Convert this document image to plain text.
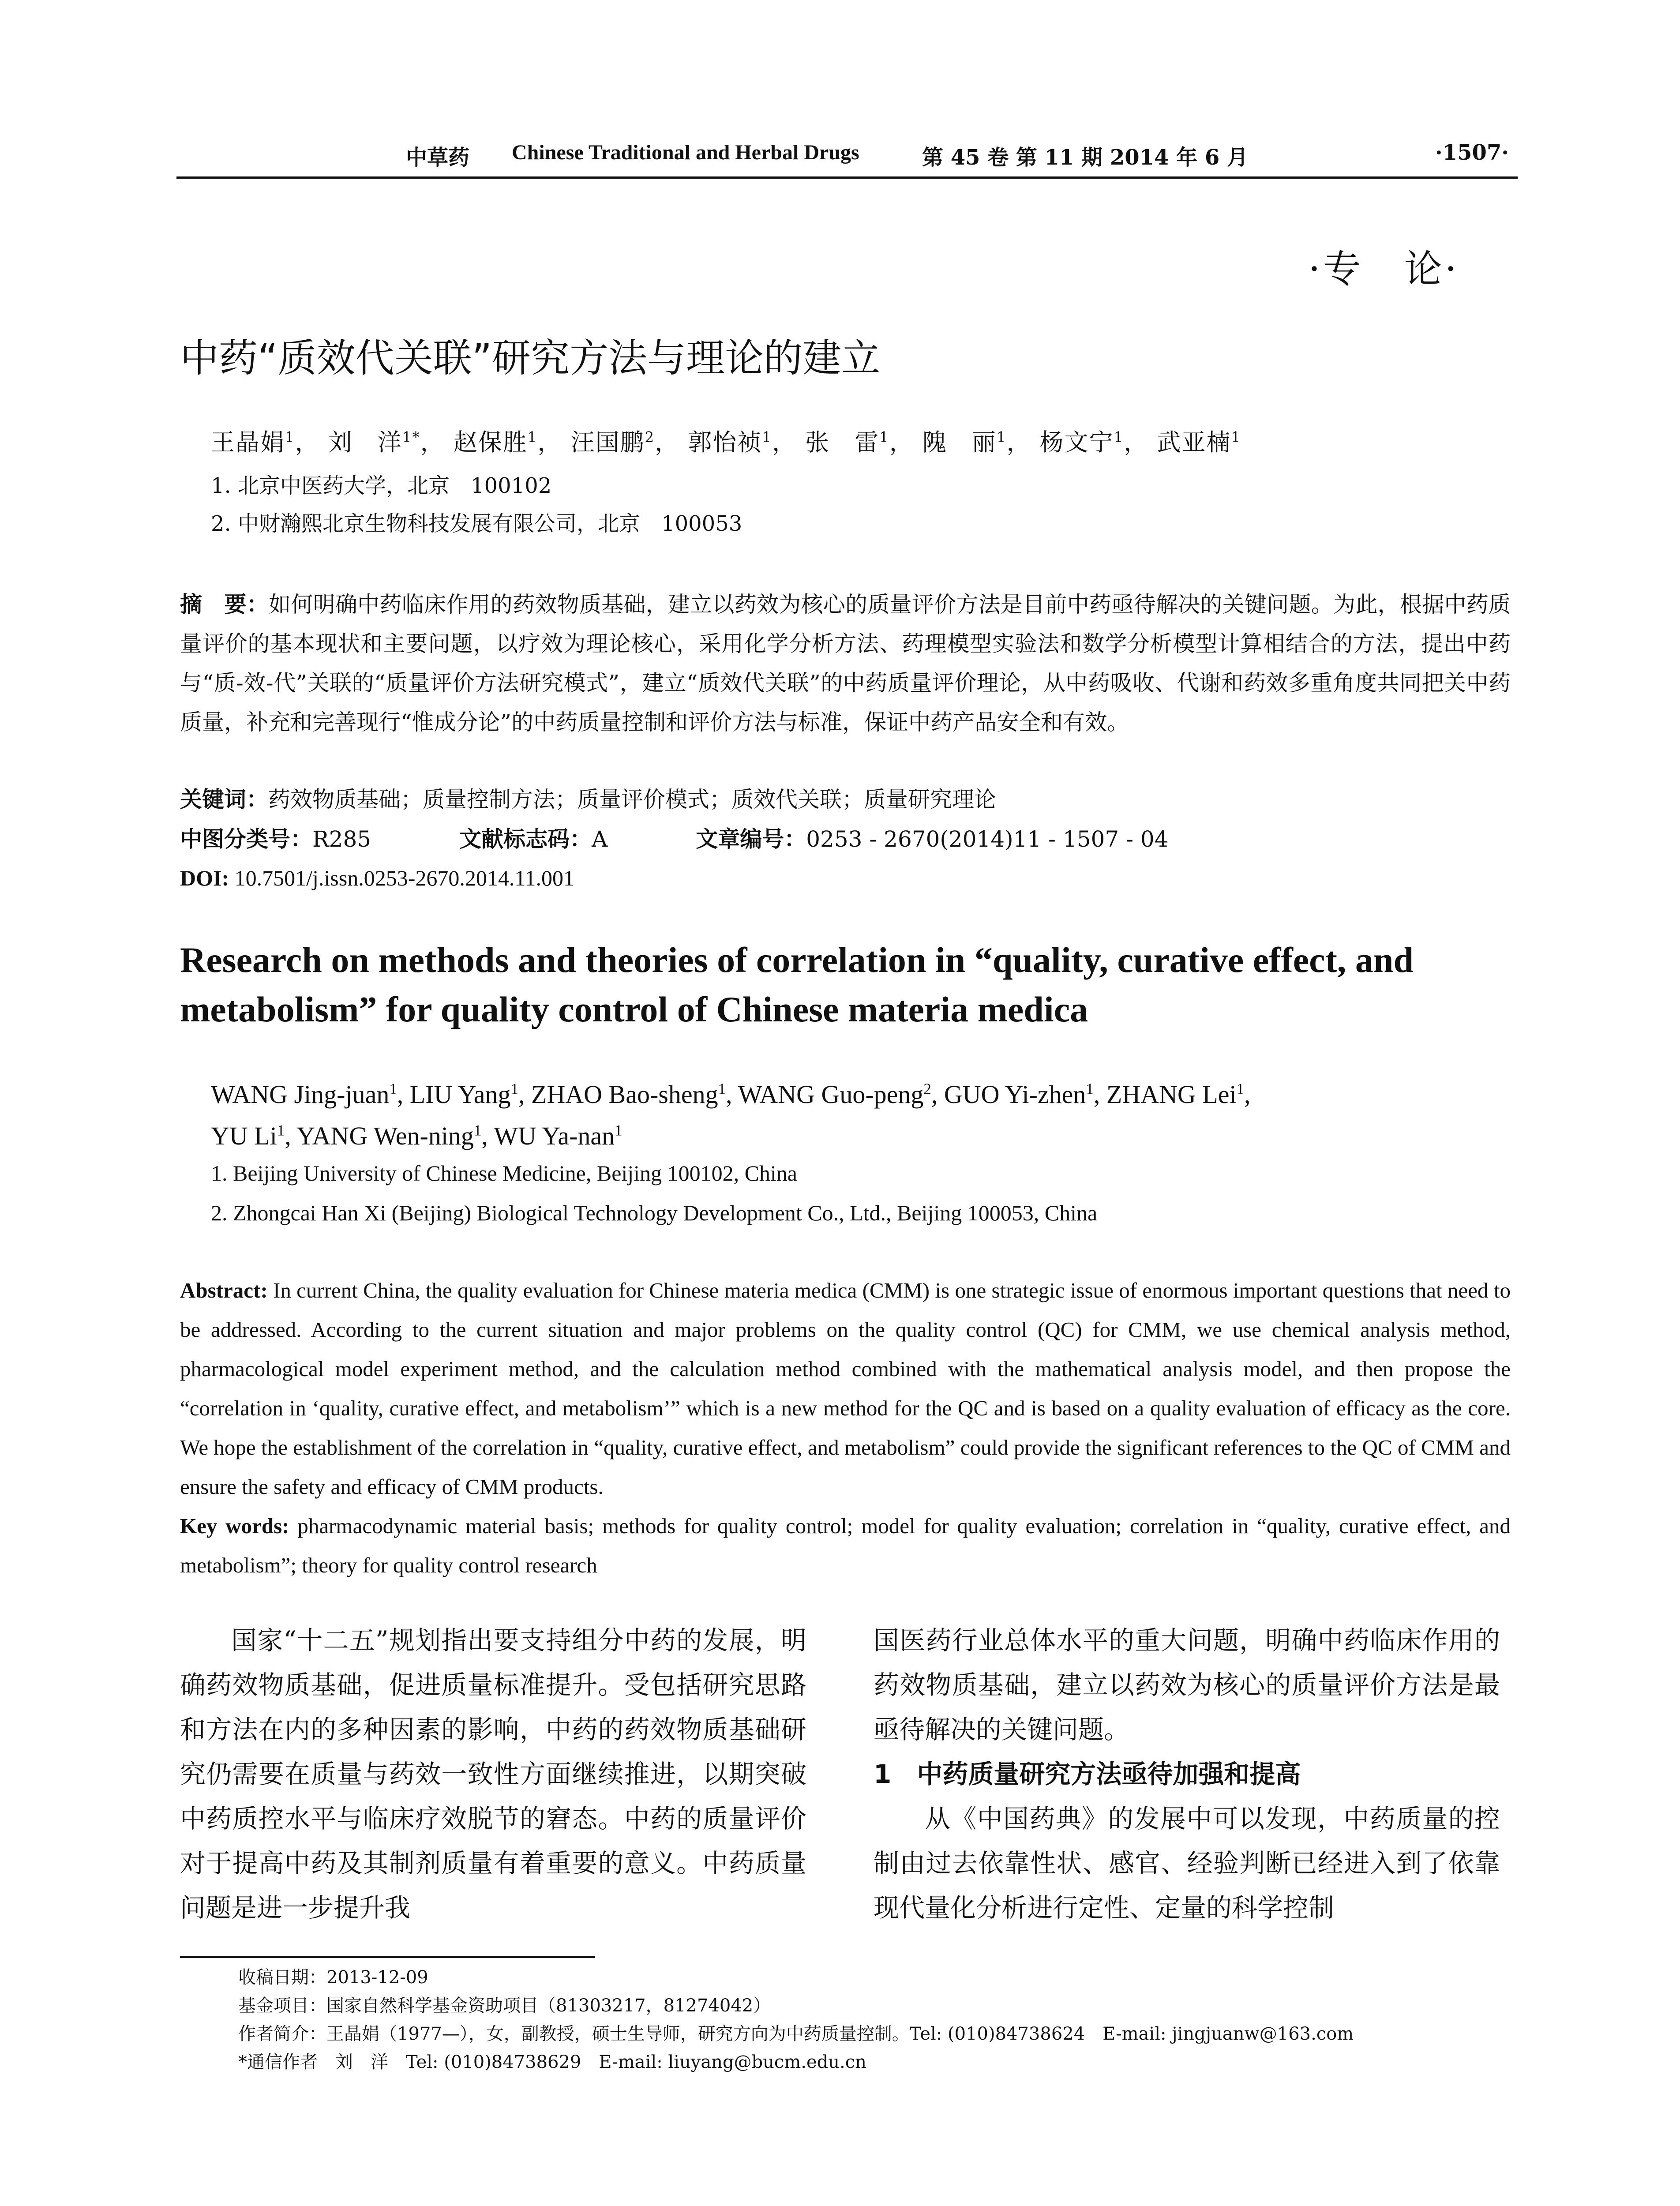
中草药 Chinese Traditional and Herbal Drugs	第 45 卷 第 11 期 2014 年 6 月	·1507·
·专　论·
中药“质效代关联”研究方法与理论的建立
王晶娟$^1$， 刘　洋$^{1*}$， 赵保胜$^1$， 汪国鹏$^2$， 郭怡祯$^1$， 张　雷$^1$， 隗　丽$^1$， 杨文宁$^1$， 武亚楠$^1$
1. 北京中医药大学，北京　100102
2. 中财瀚熙北京生物科技发展有限公司，北京　100053
摘　要：如何明确中药临床作用的药效物质基础，建立以药效为核心的质量评价方法是目前中药亟待解决的关键问题。为此，根据中药质量评价的基本现状和主要问题，以疗效为理论核心，采用化学分析方法、药理模型实验法和数学分析模型计算相结合的方法，提出中药与“质-效-代”关联的“质量评价方法研究模式”，建立“质效代关联”的中药质量评价理论，从中药吸收、代谢和药效多重角度共同把关中药质量，补充和完善现行“惟成分论”的中药质量控制和评价方法与标准，保证中药产品安全和有效。
关键词：药效物质基础；质量控制方法；质量评价模式；质效代关联；质量研究理论
中图分类号：R285	文献标志码：A	文章编号：0253 - 2670(2014)11 - 1507 - 04
DOI: 10.7501/j.issn.0253-2670.2014.11.001
Research on methods and theories of correlation in “quality, curative effect, and metabolism” for quality control of Chinese materia medica
WANG Jing-juan$^1$, LIU Yang$^1$, ZHAO Bao-sheng$^1$, WANG Guo-peng$^2$, GUO Yi-zhen$^1$, ZHANG Lei$^1$,
YU Li$^1$, YANG Wen-ning$^1$, WU Ya-nan$^1$
1. Beijing University of Chinese Medicine, Beijing 100102, China
2. Zhongcai Han Xi (Beijing) Biological Technology Development Co., Ltd., Beijing 100053, China
Abstract: In current China, the quality evaluation for Chinese materia medica (CMM) is one strategic issue of enormous important questions that need to be addressed. According to the current situation and major problems on the quality control (QC) for CMM, we use chemical analysis method, pharmacological model experiment method, and the calculation method combined with the mathematical analysis model, and then propose the “correlation in ‘quality, curative effect, and metabolism’” which is a new method for the QC and is based on a quality evaluation of efficacy as the core. We hope the establishment of the correlation in “quality, curative effect, and metabolism” could provide the significant references to the QC of CMM and ensure the safety and efficacy of CMM products.
Key words: pharmacodynamic material basis; methods for quality control; model for quality evaluation; correlation in “quality, curative effect, and metabolism”; theory for quality control research

国家“十二五”规划指出要支持组分中药的发展，明确药效物质基础，促进质量标准提升。受包括研究思路和方法在内的多种因素的影响，中药的药效物质基础研究仍需要在质量与药效一致性方面继续推进，以期突破中药质控水平与临床疗效脱节的窘态。中药的质量评价对于提高中药及其制剂质量有着重要的意义。中药质量问题是进一步提升我

国医药行业总体水平的重大问题，明确中药临床作用的药效物质基础，建立以药效为核心的质量评价方法是最亟待解决的关键问题。

1　中药质量研究方法亟待加强和提高

从《中国药典》的发展中可以发现，中药质量的控制由过去依靠性状、感官、经验判断已经进入到了依靠现代量化分析进行定性、定量的科学控制

收稿日期：2013-12-09
基金项目：国家自然科学基金资助项目（81303217，81274042）
作者简介：王晶娟（1977—），女，副教授，硕士生导师，研究方向为中药质量控制。Tel: (010)84738624　E-mail: jingjuanw@163.com
*通信作者　刘　洋　Tel: (010)84738629　E-mail: liuyang@bucm.edu.cn
